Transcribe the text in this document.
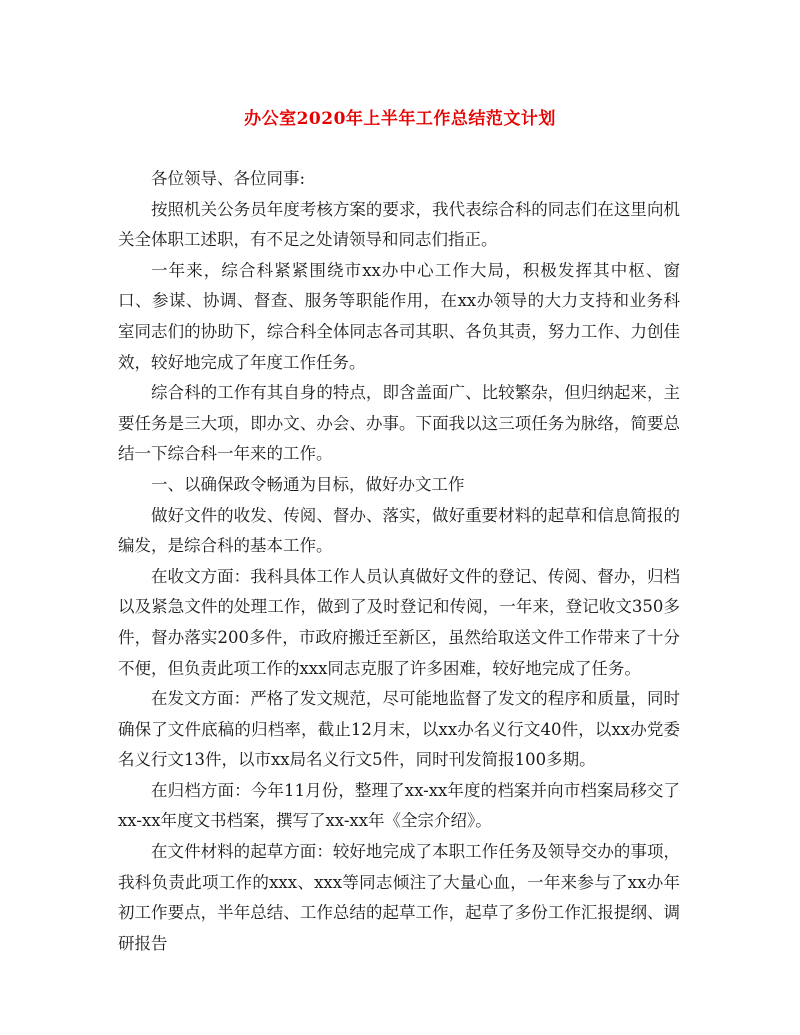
办公室2020年上半年工作总结范文计划

各位领导、各位同事:

按照机关公务员年度考核方案的要求，我代表综合科的同志们在这里向机关全体职工述职，有不足之处请领导和同志们指正。

一年来，综合科紧紧围绕市xx办中心工作大局，积极发挥其中枢、窗口、参谋、协调、督查、服务等职能作用，在xx办领导的大力支持和业务科室同志们的协助下，综合科全体同志各司其职、各负其责，努力工作、力创佳效，较好地完成了年度工作任务。

综合科的工作有其自身的特点，即含盖面广、比较繁杂，但归纳起来，主要任务是三大项，即办文、办会、办事。下面我以这三项任务为脉络，简要总结一下综合科一年来的工作。

一、以确保政令畅通为目标，做好办文工作

做好文件的收发、传阅、督办、落实，做好重要材料的起草和信息简报的编发，是综合科的基本工作。

在收文方面：我科具体工作人员认真做好文件的登记、传阅、督办，归档以及紧急文件的处理工作，做到了及时登记和传阅，一年来，登记收文350多件，督办落实200多件，市政府搬迁至新区，虽然给取送文件工作带来了十分不便，但负责此项工作的xxx同志克服了许多困难，较好地完成了任务。

在发文方面：严格了发文规范，尽可能地监督了发文的程序和质量，同时确保了文件底稿的归档率，截止12月末，以xx办名义行文40件，以xx办党委名义行文13件，以市xx局名义行文5件，同时刊发简报100多期。

在归档方面：今年11月份，整理了xx-xx年度的档案并向市档案局移交了xx-xx年度文书档案，撰写了xx-xx年《全宗介绍》。

在文件材料的起草方面：较好地完成了本职工作任务及领导交办的事项，我科负责此项工作的xxx、xxx等同志倾注了大量心血，一年来参与了xx办年初工作要点，半年总结、工作总结的起草工作，起草了多份工作汇报提纲、调研报告
